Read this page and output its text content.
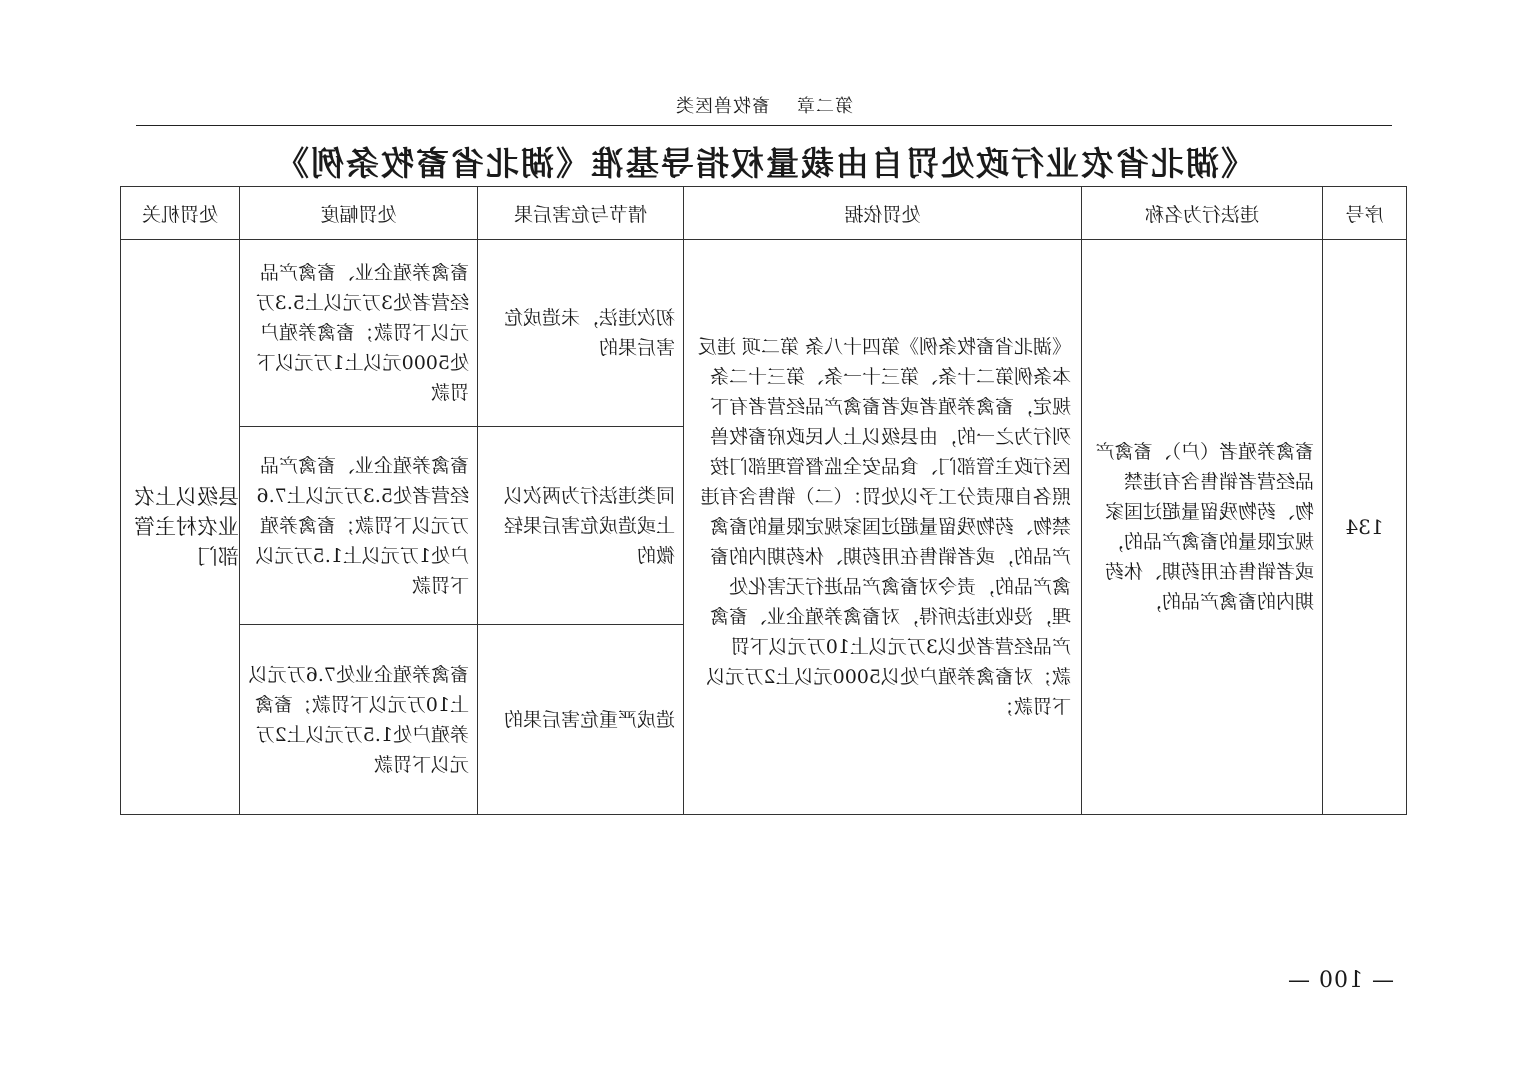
第二章畜牧兽医类
《湖北省农业行政处罚自由裁量权指导基准《湖北省畜牧条例》
序号	违法行为名称	处罚依据	情节与危害后果	处罚幅度	处罚机关
134	畜禽养殖者（户）、畜禽产品经营者销售含有违禁物、药物残留量超过国家规定限量的畜禽产品的，或者销售在用药期、休药期内的畜禽产品的，	《湖北省畜牧条例》第四十八条 第二项 违反本条例第二十条、第三十一条、第三十二条规定，畜禽养殖者或者畜禽产品经营者有下列行为之一的，由县级以上人民政府畜牧兽医行政主管部门、食品安全监督管理部门按照各自职责分工予以处罚：（二）销售含有违禁物、药物残留量超过国家规定限量的畜禽产品的，或者销售在用药期、休药期内的畜禽产品的，责令对畜禽产品进行无害化处理，没收违法所得，对畜禽养殖企业、畜禽产品经营者处以3万元以上10万元以下罚款；对畜禽养殖户处以5000元以上2万元以下罚款；	初次违法，未造成危害后果的	畜禽养殖企业、畜禽产品经营者处3万元以上5.3万元以下罚款；畜禽养殖户处5000元以上1万元以下罚款	县级以上农业农村主管部门

			同类违法行为两次以上或造成危害后果轻微的	畜禽养殖企业、畜禽产品经营者处5.3万元以上7.6万元以下罚款；畜禽养殖户处1万元以上1.5万元以下罚款	

			造成严重危害后果的	畜禽养殖企业处7.6万元以上10万元以下罚款；畜禽养殖户处1.5万元以上2万元以下罚款	
— 100 —
